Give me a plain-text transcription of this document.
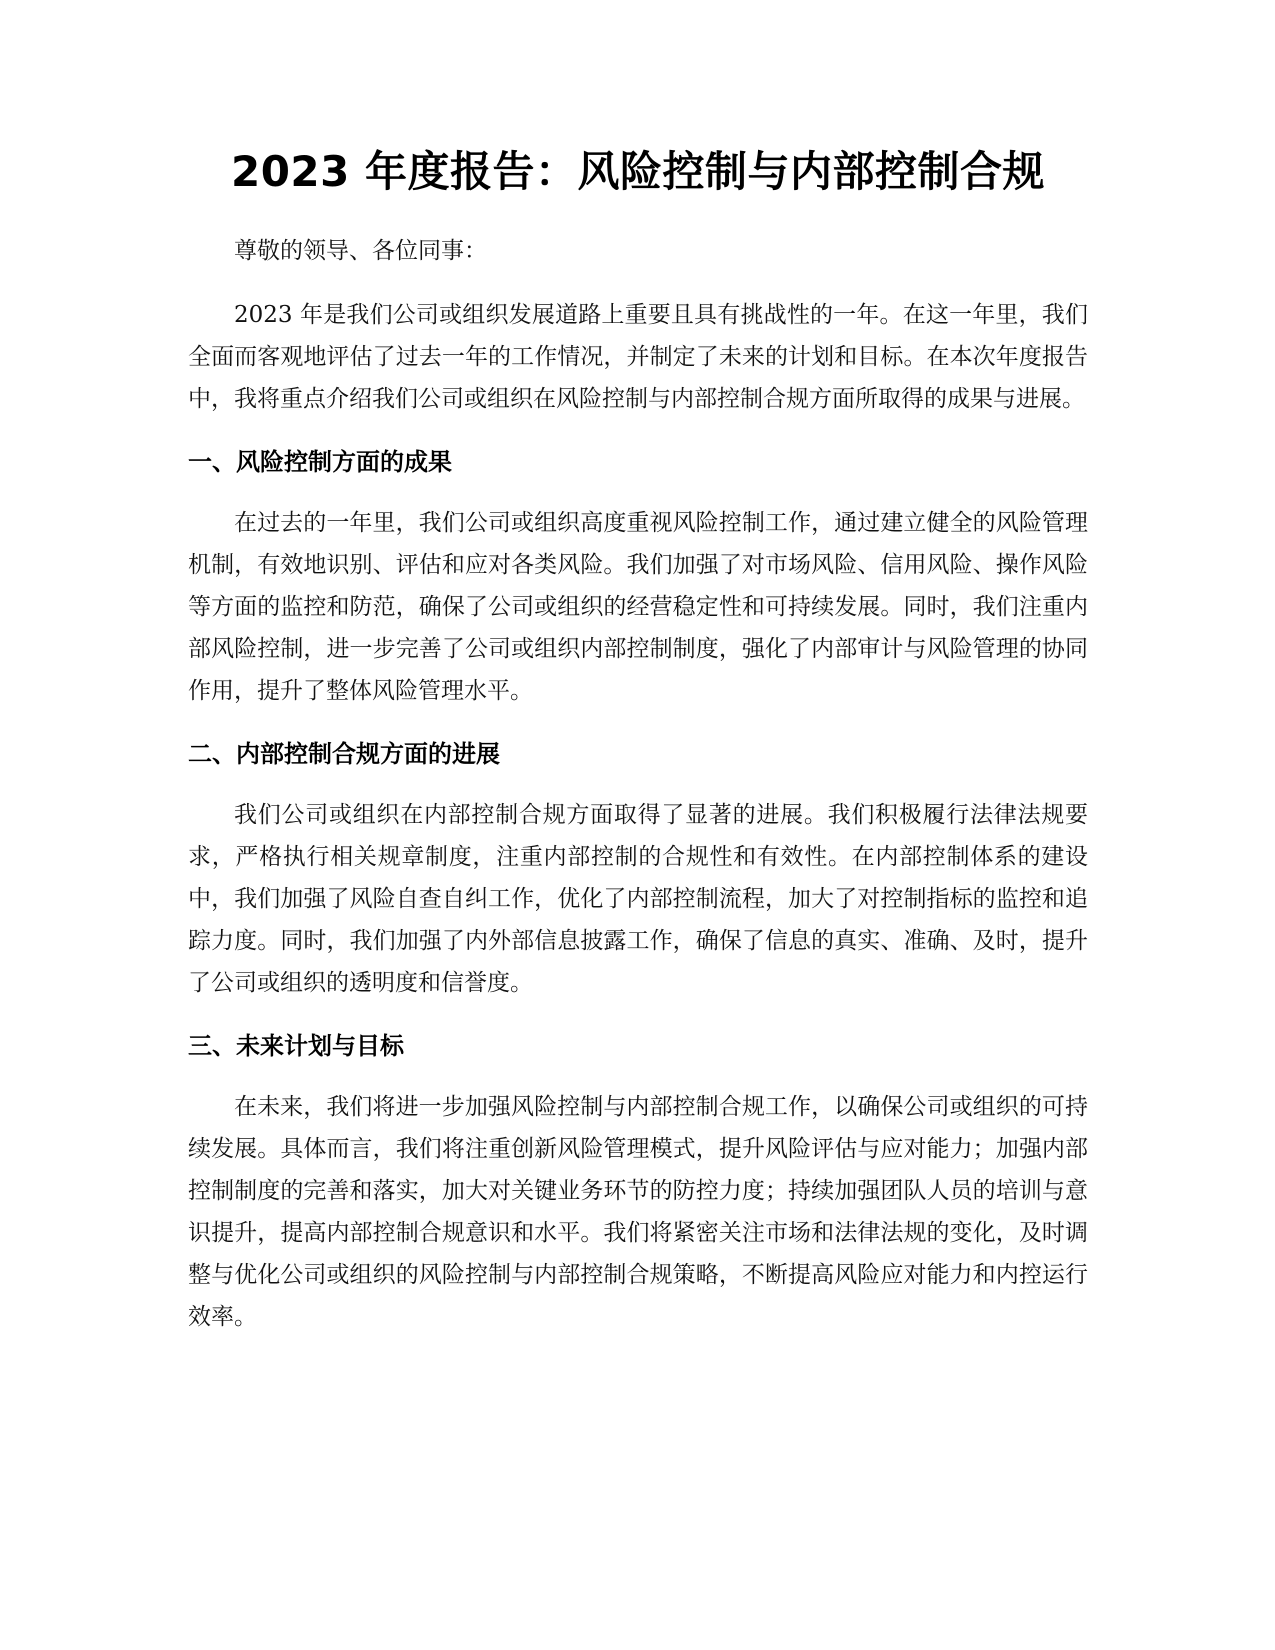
2023 年度报告：风险控制与内部控制合规

尊敬的领导、各位同事：

2023 年是我们公司或组织发展道路上重要且具有挑战性的一年。在这一年里，我们全面而客观地评估了过去一年的工作情况，并制定了未来的计划和目标。在本次年度报告中，我将重点介绍我们公司或组织在风险控制与内部控制合规方面所取得的成果与进展。

一、风险控制方面的成果

在过去的一年里，我们公司或组织高度重视风险控制工作，通过建立健全的风险管理机制，有效地识别、评估和应对各类风险。我们加强了对市场风险、信用风险、操作风险等方面的监控和防范，确保了公司或组织的经营稳定性和可持续发展。同时，我们注重内部风险控制，进一步完善了公司或组织内部控制制度，强化了内部审计与风险管理的协同作用，提升了整体风险管理水平。

二、内部控制合规方面的进展

我们公司或组织在内部控制合规方面取得了显著的进展。我们积极履行法律法规要求，严格执行相关规章制度，注重内部控制的合规性和有效性。在内部控制体系的建设中，我们加强了风险自查自纠工作，优化了内部控制流程，加大了对控制指标的监控和追踪力度。同时，我们加强了内外部信息披露工作，确保了信息的真实、准确、及时，提升了公司或组织的透明度和信誉度。

三、未来计划与目标

在未来，我们将进一步加强风险控制与内部控制合规工作，以确保公司或组织的可持续发展。具体而言，我们将注重创新风险管理模式，提升风险评估与应对能力；加强内部控制制度的完善和落实，加大对关键业务环节的防控力度；持续加强团队人员的培训与意识提升，提高内部控制合规意识和水平。我们将紧密关注市场和法律法规的变化，及时调整与优化公司或组织的风险控制与内部控制合规策略，不断提高风险应对能力和内控运行效率。
